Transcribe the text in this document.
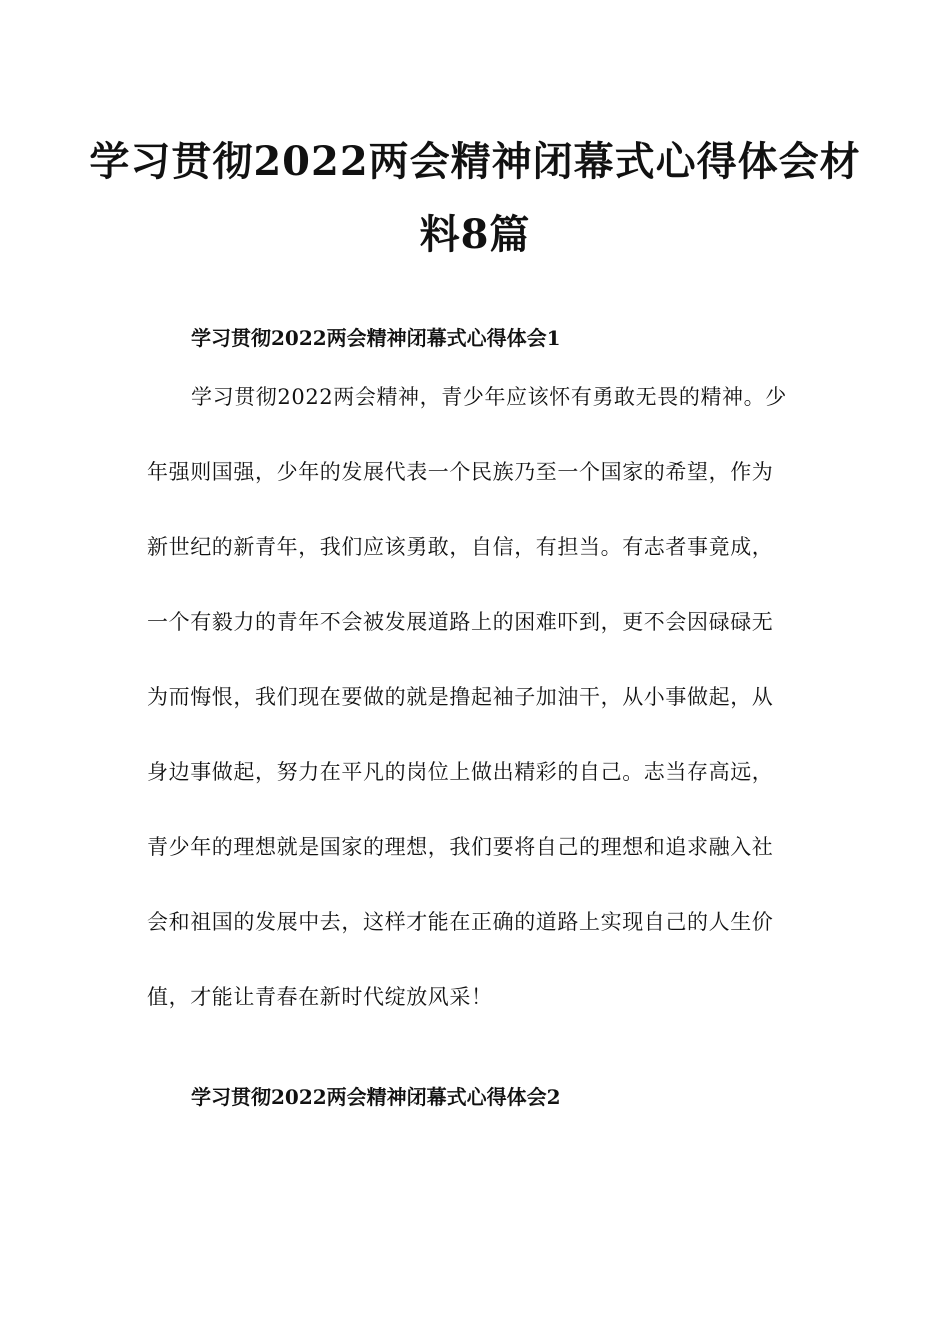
学习贯彻2022两会精神闭幕式心得体会材
料8篇
学习贯彻2022两会精神闭幕式心得体会1
学习贯彻2022两会精神，青少年应该怀有勇敢无畏的精神。少
年强则国强，少年的发展代表一个民族乃至一个国家的希望，作为
新世纪的新青年，我们应该勇敢，自信，有担当。有志者事竟成，
一个有毅力的青年不会被发展道路上的困难吓到，更不会因碌碌无
为而悔恨，我们现在要做的就是撸起袖子加油干，从小事做起，从
身边事做起，努力在平凡的岗位上做出精彩的自己。志当存高远，
青少年的理想就是国家的理想，我们要将自己的理想和追求融入社
会和祖国的发展中去，这样才能在正确的道路上实现自己的人生价
值，才能让青春在新时代绽放风采！
学习贯彻2022两会精神闭幕式心得体会2
